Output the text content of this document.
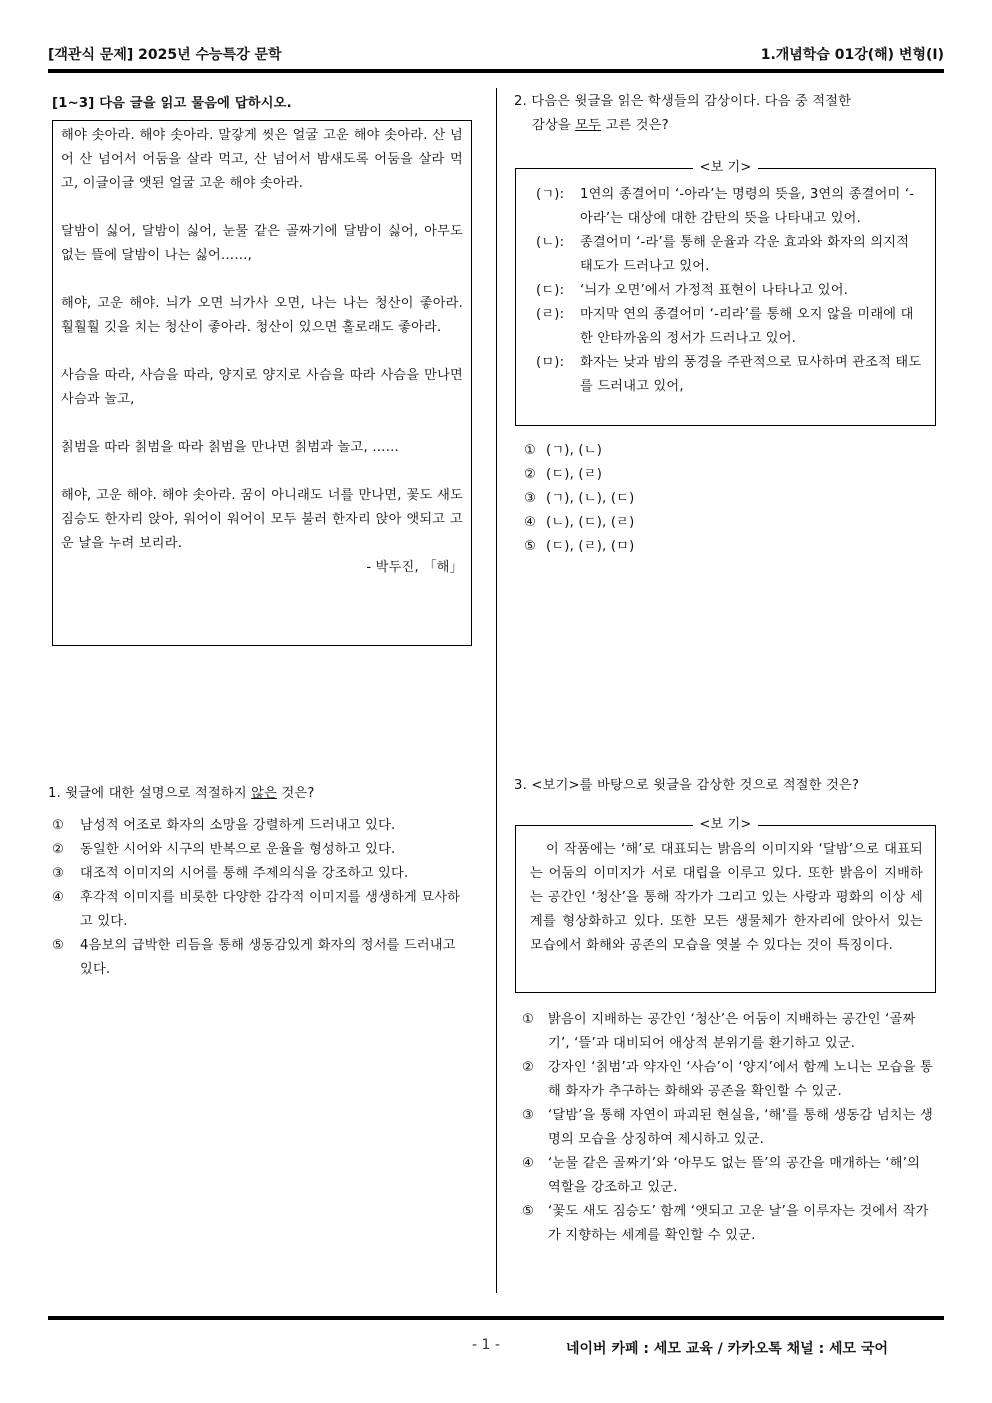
[객관식 문제] 2025년 수능특강 문학	1.개념학습 01강(해) 변형(I)
[1~3] 다음 글을 읽고 물음에 답하시오.

해야 솟아라. 해야 솟아라. 말갛게 씻은 얼굴 고운 해야 솟아라. 산 넘어 산 넘어서 어둠을 살라 먹고, 산 넘어서 밤새도록 어둠을 살라 먹고, 이글이글 앳된 얼굴 고운 해야 솟아라.

달밤이 싫어, 달밤이 싫어, 눈물 같은 골짜기에 달밤이 싫어, 아무도 없는 뜰에 달밤이 나는 싫어……,

해야, 고운 해야. 늬가 오면 늬가사 오면, 나는 나는 청산이 좋아라. 훨훨훨 깃을 치는 청산이 좋아라. 청산이 있으면 홀로래도 좋아라.

사슴을 따라, 사슴을 따라, 양지로 양지로 사슴을 따라 사슴을 만나면 사슴과 놀고,

칡범을 따라 칡범을 따라 칡범을 만나면 칡범과 놀고, ……

해야, 고운 해야. 해야 솟아라. 꿈이 아니래도 너를 만나면, 꽃도 새도 짐승도 한자리 앉아, 워어이 워어이 모두 불러 한자리 앉아 앳되고 고운 날을 누려 보리라.

- 박두진, 「해」

1. 윗글에 대한 설명으로 적절하지 않은 것은?
① 남성적 어조로 화자의 소망을 강렬하게 드러내고 있다.
② 동일한 시어와 시구의 반복으로 운율을 형성하고 있다.
③ 대조적 이미지의 시어를 통해 주제의식을 강조하고 있다.
④ 후각적 이미지를 비롯한 다양한 감각적 이미지를 생생하게 묘사하고 있다.
⑤ 4음보의 급박한 리듬을 통해 생동감있게 화자의 정서를 드러내고 있다.
2. 다음은 윗글을 읽은 학생들의 감상이다. 다음 중 적절한
감상을 모두 고른 것은?
<보 기>
(ㄱ): 1연의 종결어미 ‘-아라’는 명령의 뜻을, 3연의 종결어미 ‘-아라’는 대상에 대한 감탄의 뜻을 나타내고 있어.
(ㄴ): 종결어미 ‘-라’를 통해 운율과 각운 효과와 화자의 의지적 태도가 드러나고 있어.
(ㄷ): ‘늬가 오면’에서 가정적 표현이 나타나고 있어.
(ㄹ): 마지막 연의 종결어미 ‘-리라’를 통해 오지 않을 미래에 대한 안타까움의 정서가 드러나고 있어.
(ㅁ): 화자는 낮과 밤의 풍경을 주관적으로 묘사하며 관조적 태도를 드러내고 있어,
① (ㄱ), (ㄴ)
② (ㄷ), (ㄹ)
③ (ㄱ), (ㄴ), (ㄷ)
④ (ㄴ), (ㄷ), (ㄹ)
⑤ (ㄷ), (ㄹ), (ㅁ)
3. <보기>를 바탕으로 윗글을 감상한 것으로 적절한 것은?
<보 기>
이 작품에는 ‘해’로 대표되는 밝음의 이미지와 ‘달밤’으로 대표되는 어둠의 이미지가 서로 대립을 이루고 있다. 또한 밝음이 지배하는 공간인 ‘청산’을 통해 작가가 그리고 있는 사랑과 평화의 이상 세계를 형상화하고 있다. 또한 모든 생물체가 한자리에 앉아서 있는 모습에서 화해와 공존의 모습을 엿볼 수 있다는 것이 특징이다.
① 밝음이 지배하는 공간인 ‘청산’은 어둠이 지배하는 공간인 ‘골짜기’, ‘뜰’과 대비되어 애상적 분위기를 환기하고 있군.
② 강자인 ‘칡범’과 약자인 ‘사슴’이 ‘양지’에서 함께 노니는 모습을 통해 화자가 추구하는 화해와 공존을 확인할 수 있군.
③ ‘달밤’을 통해 자연이 파괴된 현실을, ‘해’를 통해 생동감 넘치는 생명의 모습을 상징하여 제시하고 있군.
④ ‘눈물 같은 골짜기’와 ‘아무도 없는 뜰’의 공간을 매개하는 ‘해’의 역할을 강조하고 있군.
⑤ ‘꽃도 새도 짐승도’ 함께 ‘앳되고 고운 날’을 이루자는 것에서 작가가 지향하는 세계를 확인할 수 있군.
- 1 -	네이버 카페 : 세모 교육 / 카카오톡 채널 : 세모 국어
